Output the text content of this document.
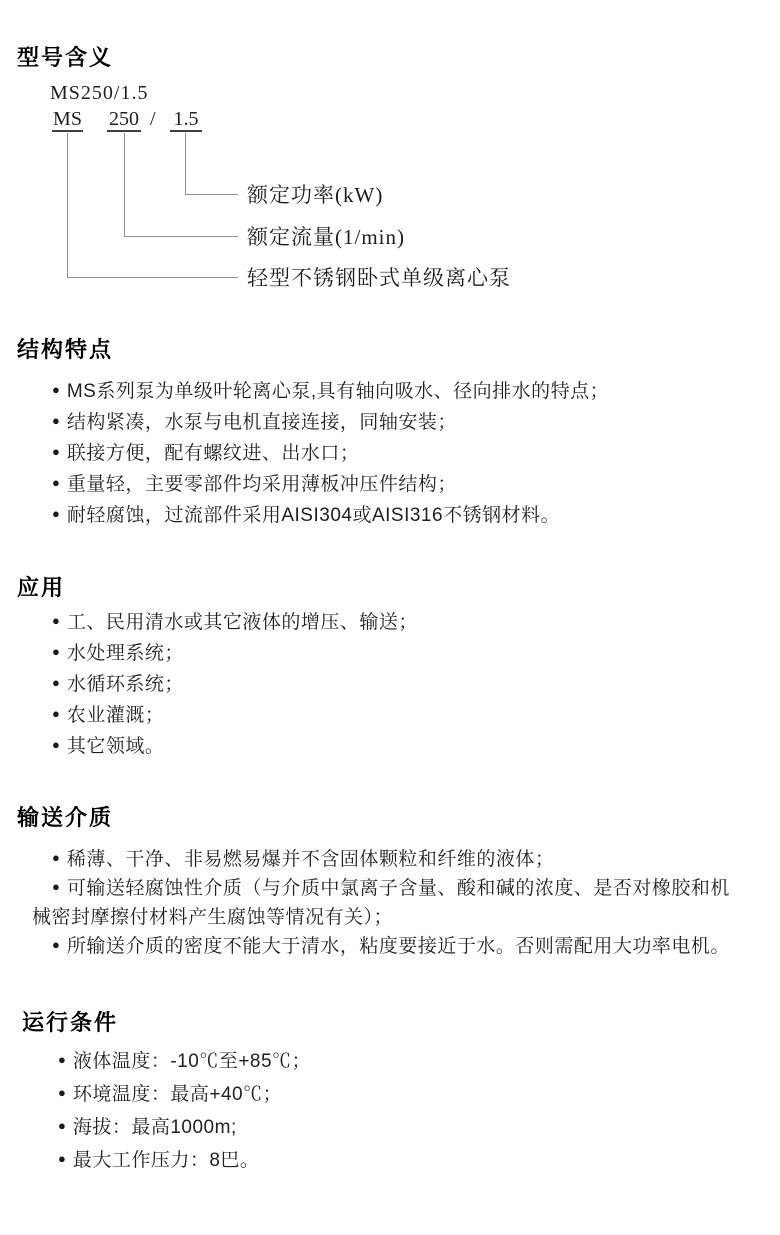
型号含义
MS250/1.5
MS 250 / 1.5
额定功率(kW)
额定流量(1/min)
轻型不锈钢卧式单级离心泵
结构特点
● MS系列泵为单级叶轮离心泵,具有轴向吸水、径向排水的特点；
● 结构紧凑，水泵与电机直接连接，同轴安装；
● 联接方便，配有螺纹进、出水口；
● 重量轻，主要零部件均采用薄板冲压件结构；
● 耐轻腐蚀，过流部件采用AISI304或AISI316不锈钢材料。
应用
● 工、民用清水或其它液体的增压、输送；
● 水处理系统；
● 水循环系统；
● 农业灌溉；
● 其它领域。
输送介质
● 稀薄、干净、非易燃易爆并不含固体颗粒和纤维的液体；
● 可输送轻腐蚀性介质（与介质中氯离子含量、酸和碱的浓度、是否对橡胶和机
械密封摩擦付材料产生腐蚀等情况有关）；
● 所输送介质的密度不能大于清水，粘度要接近于水。否则需配用大功率电机。
运行条件
● 液体温度：-10℃至+85℃；
● 环境温度：最高+40℃；
● 海拔：最高1000m;
● 最大工作压力：8巴。
